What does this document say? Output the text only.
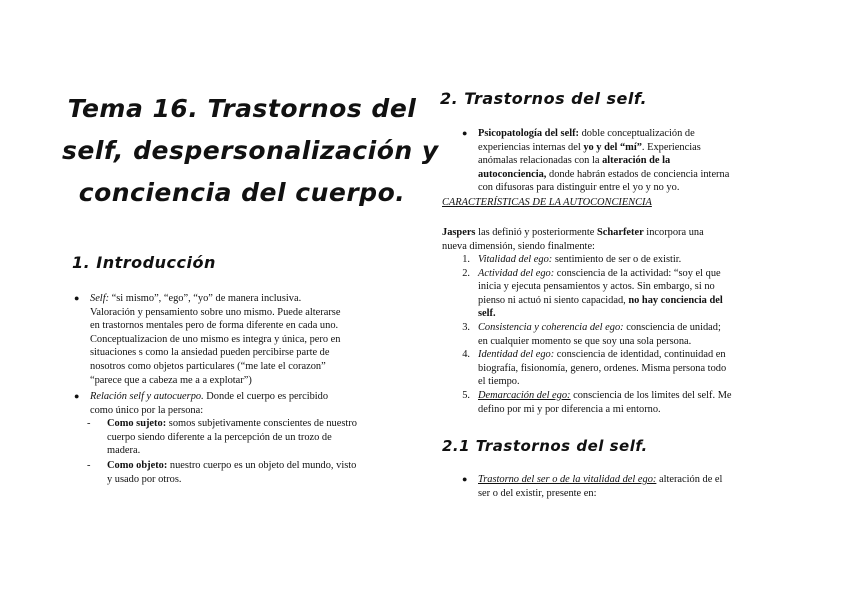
Tema 16. Trastornos del
self, despersonalización y
conciencia del cuerpo.
1. Introducción
● Self: “si mismo”, “ego”, “yo” de manera inclusiva.
Valoración y pensamiento sobre uno mismo. Puede alterarse
en trastornos mentales pero de forma diferente en cada uno.
Conceptualizacion de uno mismo es integra y única, pero en
situaciones s como la ansiedad pueden percibirse parte de
nosotros como objetos particulares (“me late el corazon”
“parece que a cabeza me a a explotar”)
● Relación self y autocuerpo. Donde el cuerpo es percibido
como único por la persona:
- Como sujeto: somos subjetivamente conscientes de nuestro
cuerpo siendo diferente a la percepción de un trozo de
madera.
- Como objeto: nuestro cuerpo es un objeto del mundo, visto
y usado por otros.
2. Trastornos del self.
● Psicopatología del self: doble conceptualización de
experiencias internas del yo y del “mí”. Experiencias
anómalas relacionadas con la alteración de la
autoconciencia, donde habrán estados de conciencia interna
con difusoras para distinguir entre el yo y no yo.
CARACTERÍSTICAS DE LA AUTOCONCIENCIA
Jaspers las definió y posteriormente Scharfeter incorpora una
nueva dimensión, siendo finalmente:
1. Vitalidad del ego: sentimiento de ser o de existir.
2. Actividad del ego: consciencia de la actividad: “soy el que
inicia y ejecuta pensamientos y actos. Sin embargo, si no
pienso ni actuó ni siento capacidad, no hay conciencia del
self.
3. Consistencia y coherencia del ego: consciencia de unidad;
en cualquier momento se que soy una sola persona.
4. Identidad del ego: consciencia de identidad, continuidad en
biografía, fisionomía, genero, ordenes. Misma persona todo
el tiempo.
5. Demarcación del ego: consciencia de los limites del self. Me
defino por mi y por diferencia a mi entorno.
2.1 Trastornos del self.
● Trastorno del ser o de la vitalidad del ego: alteración de el
ser o del existir, presente en:
